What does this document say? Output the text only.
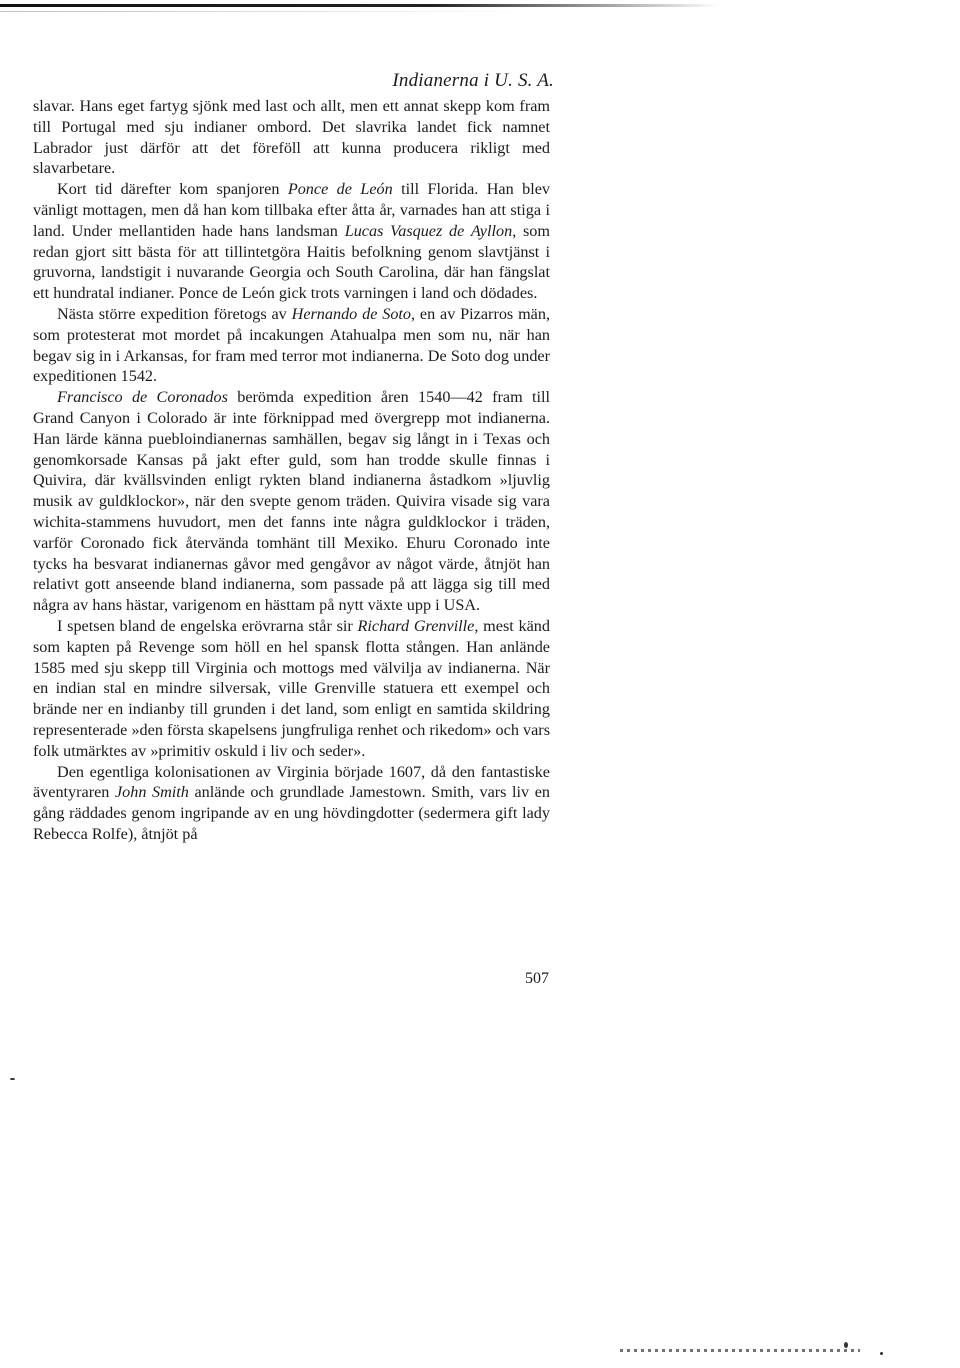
Indianerna i U. S. A.

slavar. Hans eget fartyg sjönk med last och allt, men ett annat skepp kom fram till Portugal med sju indianer ombord. Det slavrika landet fick namnet Labrador just därför att det föreföll att kunna producera rikligt med slavarbetare.

Kort tid därefter kom spanjoren Ponce de León till Florida. Han blev vänligt mottagen, men då han kom tillbaka efter åtta år, varnades han att stiga i land. Under mellantiden hade hans landsman Lucas Vasquez de Ayllon, som redan gjort sitt bästa för att tillintetgöra Haitis befolkning genom slavtjänst i gruvorna, landstigit i nuvarande Georgia och South Carolina, där han fängslat ett hundratal indianer. Ponce de León gick trots varningen i land och dödades.

Nästa större expedition företogs av Hernando de Soto, en av Pizarros män, som protesterat mot mordet på incakungen Atahualpa men som nu, när han begav sig in i Arkansas, for fram med terror mot indianerna. De Soto dog under expeditionen 1542.

Francisco de Coronados berömda expedition åren 1540—42 fram till Grand Canyon i Colorado är inte förknippad med övergrepp mot indianerna. Han lärde känna puebloindianernas samhällen, begav sig långt in i Texas och genomkorsade Kansas på jakt efter guld, som han trodde skulle finnas i Quivira, där kvällsvinden enligt rykten bland indianerna åstadkom »ljuvlig musik av guldklockor», när den svepte genom träden. Quivira visade sig vara wichita-stammens huvudort, men det fanns inte några guldklockor i träden, varför Coronado fick återvända tomhänt till Mexiko. Ehuru Coronado inte tycks ha besvarat indianernas gåvor med gengåvor av något värde, åtnjöt han relativt gott anseende bland indianerna, som passade på att lägga sig till med några av hans hästar, varigenom en hästtam på nytt växte upp i USA.

I spetsen bland de engelska erövrarna står sir Richard Grenville, mest känd som kapten på Revenge som höll en hel spansk flotta stången. Han anlände 1585 med sju skepp till Virginia och mottogs med välvilja av indianerna. När en indian stal en mindre silversak, ville Grenville statuera ett exempel och brände ner en indianby till grunden i det land, som enligt en samtida skildring representerade »den första skapelsens jungfruliga renhet och rikedom» och vars folk utmärktes av »primitiv oskuld i liv och seder».

Den egentliga kolonisationen av Virginia började 1607, då den fantastiske äventyraren John Smith anlände och grundlade Jamestown. Smith, vars liv en gång räddades genom ingripande av en ung hövdingdotter (sedermera gift lady Rebecca Rolfe), åtnjöt på

507
